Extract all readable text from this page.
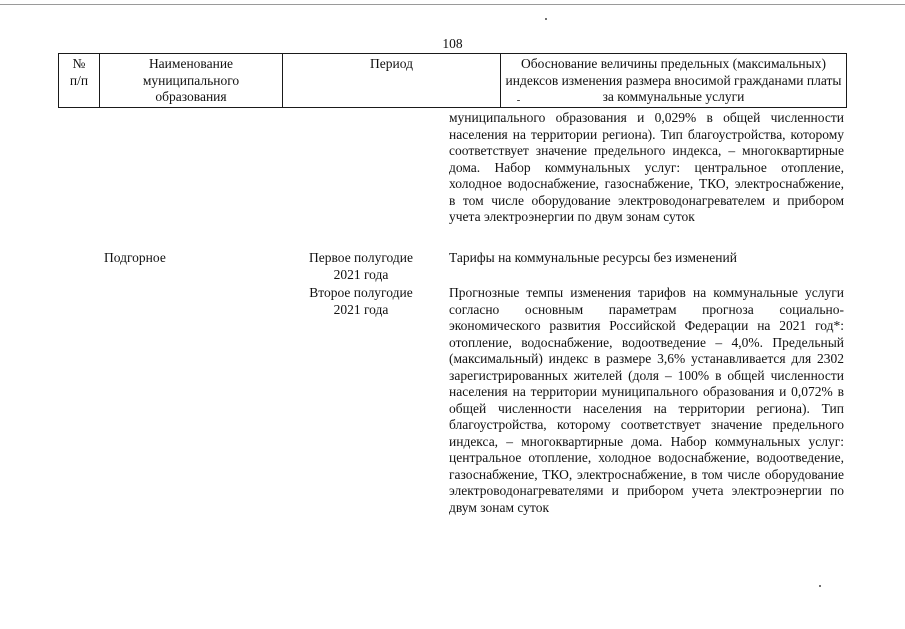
108
№
п/п
Наименование
муниципального
образования
Период	Обоснование величины предельных (максимальных)
индексов изменения размера вносимой гражданами платы
за коммунальные услуги
муниципального образования и 0,029% в общей численности населения на территории региона). Тип благоустройства, которому соответствует значение предельного индекса, – многоквартирные дома. Набор коммунальных услуг: центральное отопление, холодное водоснабжение, газоснабжение, ТКО, электроснабжение, в том числе оборудование электроводонагревателем и прибором учета электроэнергии по двум зонам суток
Подгорное	Первое полугодие
2021 года
Второе полугодие
2021 года
Тарифы на коммунальные ресурсы без изменений
Прогнозные темпы изменения тарифов на коммунальные услуги согласно основным параметрам прогноза социально-экономического развития Российской Федерации на 2021 год*: отопление, водоснабжение, водоотведение – 4,0%. Предельный (максимальный) индекс в размере 3,6% устанавливается для 2302 зарегистрированных жителей (доля – 100% в общей численности населения на территории муниципального образования и 0,072% в общей численности населения на территории региона). Тип благоустройства, которому соответствует значение предельного индекса, – многоквартирные дома. Набор коммунальных услуг: центральное отопление, холодное водоснабжение, водоотведение, газоснабжение, ТКО, электроснабжение, в том числе оборудование электроводонагревателями и прибором учета электроэнергии по двум зонам суток
